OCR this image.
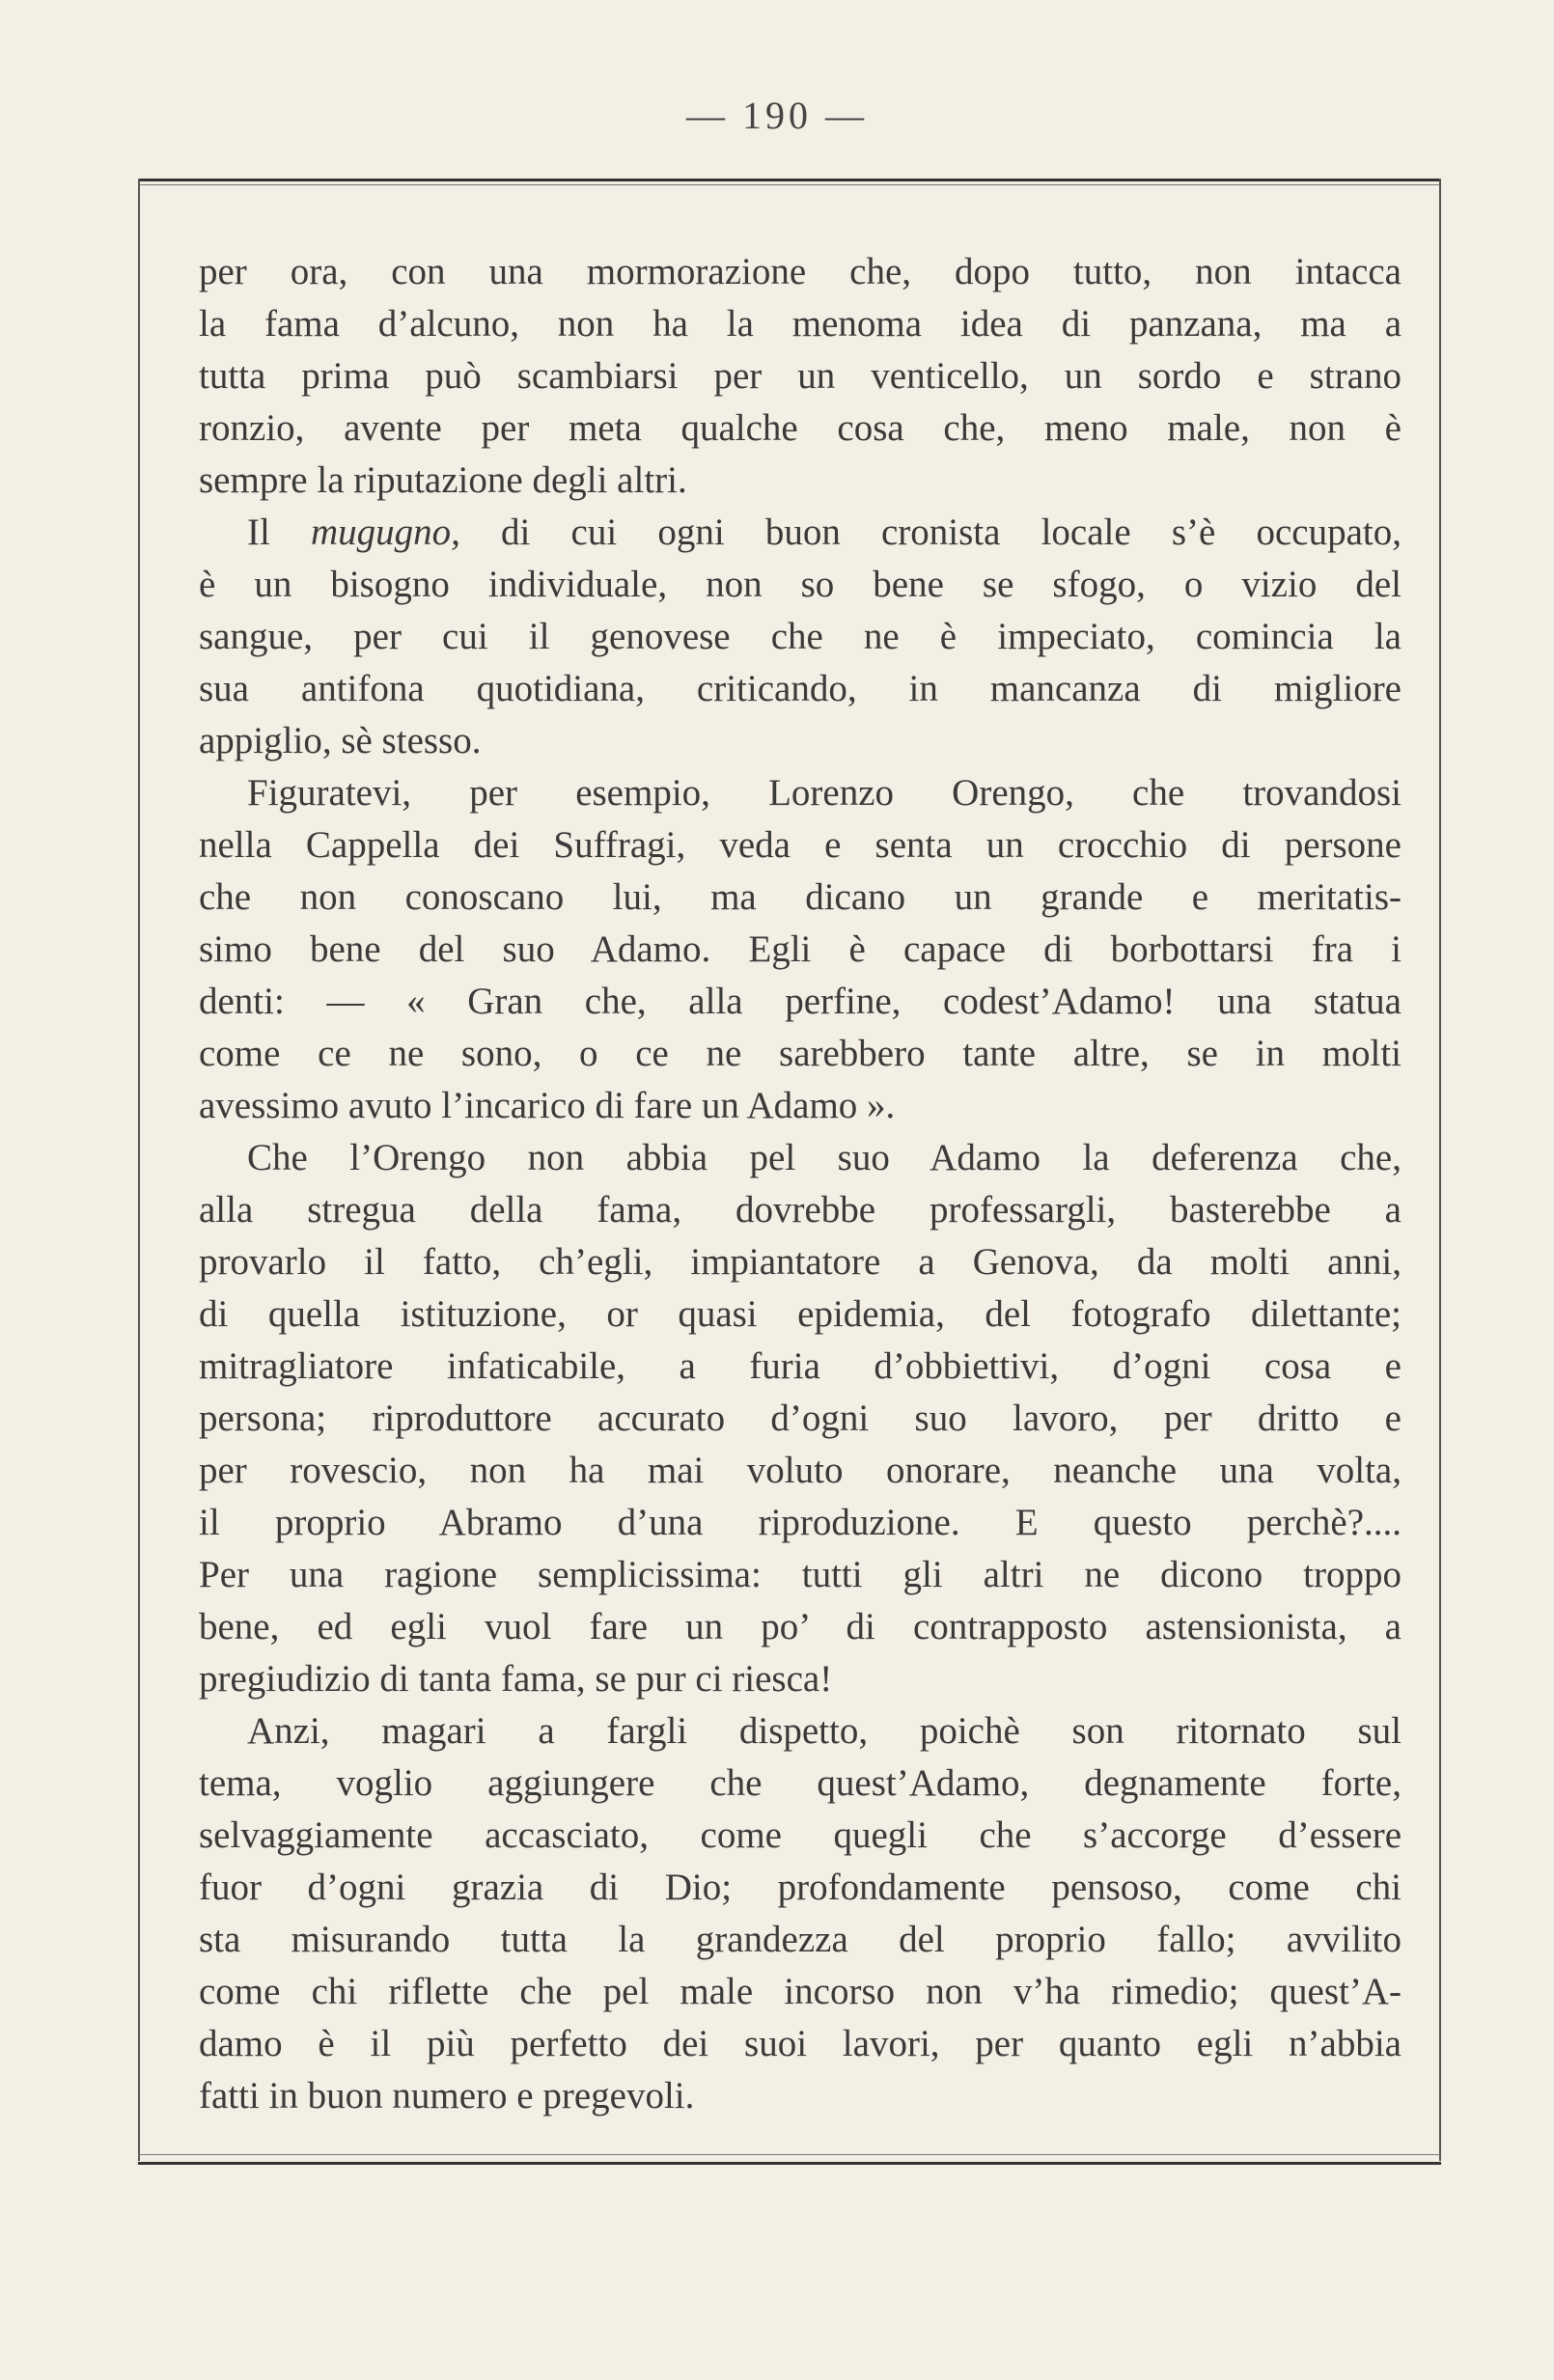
— 190 —
per ora, con una mormorazione che, dopo tutto, non intacca
la fama d’alcuno, non ha la menoma idea di panzana, ma a
tutta prima può scambiarsi per un venticello, un sordo e strano
ronzio, avente per meta qualche cosa che, meno male, non è
sempre la riputazione degli altri.
Il mugugno, di cui ogni buon cronista locale s’è occupato,
è un bisogno individuale, non so bene se sfogo, o vizio del
sangue, per cui il genovese che ne è impeciato, comincia la
sua antifona quotidiana, criticando, in mancanza di migliore
appiglio, sè stesso.
Figuratevi, per esempio, Lorenzo Orengo, che trovandosi
nella Cappella dei Suffragi, veda e senta un crocchio di persone
che non conoscano lui, ma dicano un grande e meritatis-
simo bene del suo Adamo. Egli è capace di borbottarsi fra i
denti: — « Gran che, alla perfine, codest’Adamo! una statua
come ce ne sono, o ce ne sarebbero tante altre, se in molti
avessimo avuto l’incarico di fare un Adamo ».
Che l’Orengo non abbia pel suo Adamo la deferenza che,
alla stregua della fama, dovrebbe professargli, basterebbe a
provarlo il fatto, ch’egli, impiantatore a Genova, da molti anni,
di quella istituzione, or quasi epidemia, del fotografo dilettante;
mitragliatore infaticabile, a furia d’obbiettivi, d’ogni cosa e
persona; riproduttore accurato d’ogni suo lavoro, per dritto e
per rovescio, non ha mai voluto onorare, neanche una volta,
il proprio Abramo d’una riproduzione. E questo perchè?....
Per una ragione semplicissima: tutti gli altri ne dicono troppo
bene, ed egli vuol fare un po’ di contrapposto astensionista, a
pregiudizio di tanta fama, se pur ci riesca!
Anzi, magari a fargli dispetto, poichè son ritornato sul
tema, voglio aggiungere che quest’Adamo, degnamente forte,
selvaggiamente accasciato, come quegli che s’accorge d’essere
fuor d’ogni grazia di Dio; profondamente pensoso, come chi
sta misurando tutta la grandezza del proprio fallo; avvilito
come chi riflette che pel male incorso non v’ha rimedio; quest’A-
damo è il più perfetto dei suoi lavori, per quanto egli n’abbia
fatti in buon numero e pregevoli.
